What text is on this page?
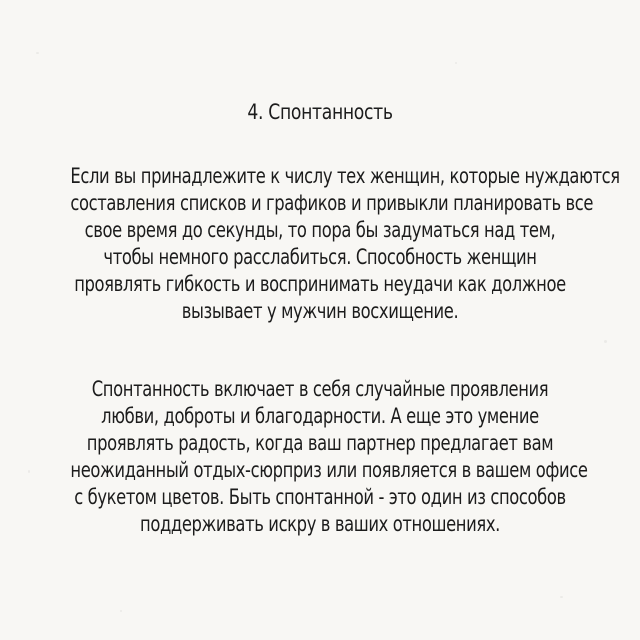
4. Спонтанность
Если вы принадлежите к числу тех женщин, которые нуждаются
составления списков и графиков и привыкли планировать все
свое время до секунды, то пора бы задуматься над тем,
чтобы немного расслабиться. Способность женщин
проявлять гибкость и воспринимать неудачи как должное
вызывает у мужчин восхищение.
Спонтанность включает в себя случайные проявления
любви, доброты и благодарности. А еще это умение
проявлять радость, когда ваш партнер предлагает вам
неожиданный отдых-сюрприз или появляется в вашем офисе
с букетом цветов. Быть спонтанной - это один из способов
поддерживать искру в ваших отношениях.
